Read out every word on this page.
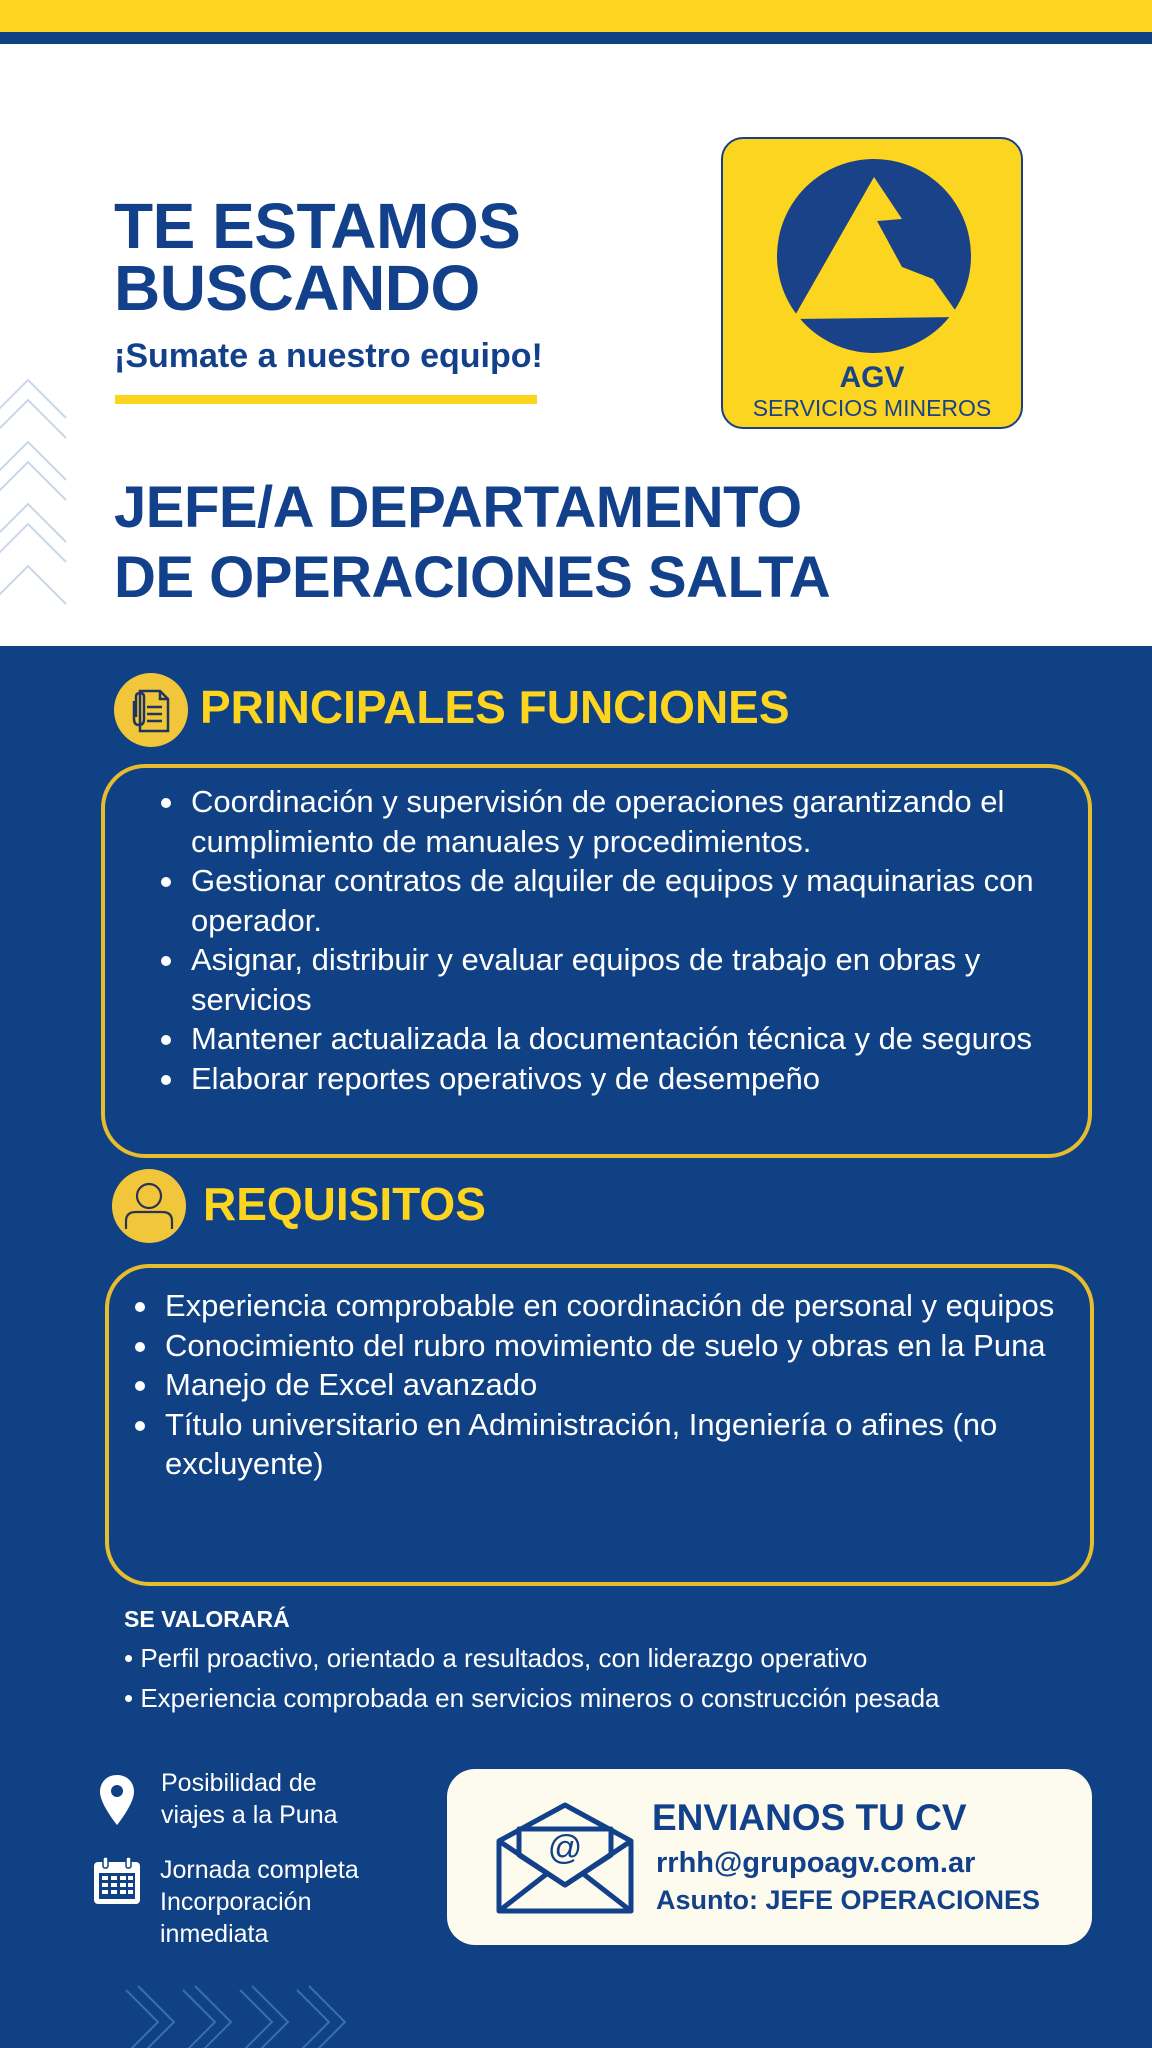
TE ESTAMOS
BUSCANDO
¡Sumate a nuestro equipo!
AGV
SERVICIOS MINEROS
JEFE/A DEPARTAMENTO
DE OPERACIONES SALTA
PRINCIPALES FUNCIONES
Coordinación y supervisión de operaciones garantizando el cumplimiento de manuales y procedimientos.
Gestionar contratos de alquiler de equipos y maquinarias con operador.
Asignar, distribuir y evaluar equipos de trabajo en obras y servicios
Mantener actualizada la documentación técnica y de seguros
Elaborar reportes operativos y de desempeño
REQUISITOS
Experiencia comprobable en coordinación de personal y equipos
Conocimiento del rubro movimiento de suelo y obras en la Puna
Manejo de Excel avanzado
Título universitario en Administración, Ingeniería o afines (no excluyente)
SE VALORARÁ
• Perfil proactivo, orientado a resultados, con liderazgo operativo
• Experiencia comprobada en servicios mineros o construcción pesada
Posibilidad de
viajes a la Puna
Jornada completa
Incorporación
inmediata
@
ENVIANOS TU CV
rrhh@grupoagv.com.ar
Asunto: JEFE OPERACIONES
